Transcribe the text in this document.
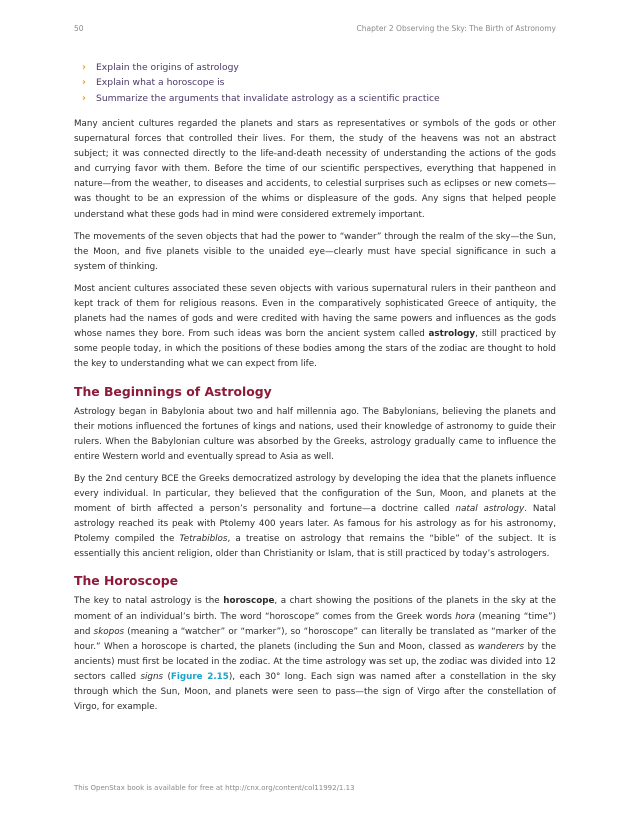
50	Chapter 2 Observing the Sky: The Birth of Astronomy
› Explain the origins of astrology
› Explain what a horoscope is
› Summarize the arguments that invalidate astrology as a scientific practice

Many ancient cultures regarded the planets and stars as representatives or symbols of the gods or other supernatural forces that controlled their lives. For them, the study of the heavens was not an abstract subject; it was connected directly to the life-and-death necessity of understanding the actions of the gods and currying favor with them. Before the time of our scientific perspectives, everything that happened in nature—from the weather, to diseases and accidents, to celestial surprises such as eclipses or new comets—was thought to be an expression of the whims or displeasure of the gods. Any signs that helped people understand what these gods had in mind were considered extremely important.

The movements of the seven objects that had the power to “wander” through the realm of the sky—the Sun, the Moon, and five planets visible to the unaided eye—clearly must have special significance in such a system of thinking.

Most ancient cultures associated these seven objects with various supernatural rulers in their pantheon and kept track of them for religious reasons. Even in the comparatively sophisticated Greece of antiquity, the planets had the names of gods and were credited with having the same powers and influences as the gods whose names they bore. From such ideas was born the ancient system called astrology, still practiced by some people today, in which the positions of these bodies among the stars of the zodiac are thought to hold the key to understanding what we can expect from life.

The Beginnings of Astrology

Astrology began in Babylonia about two and half millennia ago. The Babylonians, believing the planets and their motions influenced the fortunes of kings and nations, used their knowledge of astronomy to guide their rulers. When the Babylonian culture was absorbed by the Greeks, astrology gradually came to influence the entire Western world and eventually spread to Asia as well.

By the 2nd century BCE the Greeks democratized astrology by developing the idea that the planets influence every individual. In particular, they believed that the configuration of the Sun, Moon, and planets at the moment of birth affected a person’s personality and fortune—a doctrine called natal astrology. Natal astrology reached its peak with Ptolemy 400 years later. As famous for his astrology as for his astronomy, Ptolemy compiled the Tetrabiblos, a treatise on astrology that remains the “bible” of the subject. It is essentially this ancient religion, older than Christianity or Islam, that is still practiced by today’s astrologers.

The Horoscope

The key to natal astrology is the horoscope, a chart showing the positions of the planets in the sky at the moment of an individual’s birth. The word “horoscope” comes from the Greek words hora (meaning “time”) and skopos (meaning a “watcher” or “marker”), so “horoscope” can literally be translated as “marker of the hour.” When a horoscope is charted, the planets (including the Sun and Moon, classed as wanderers by the ancients) must first be located in the zodiac. At the time astrology was set up, the zodiac was divided into 12 sectors called signs (Figure 2.15), each 30° long. Each sign was named after a constellation in the sky through which the Sun, Moon, and planets were seen to pass—the sign of Virgo after the constellation of Virgo, for example.

This OpenStax book is available for free at http://cnx.org/content/col11992/1.13
